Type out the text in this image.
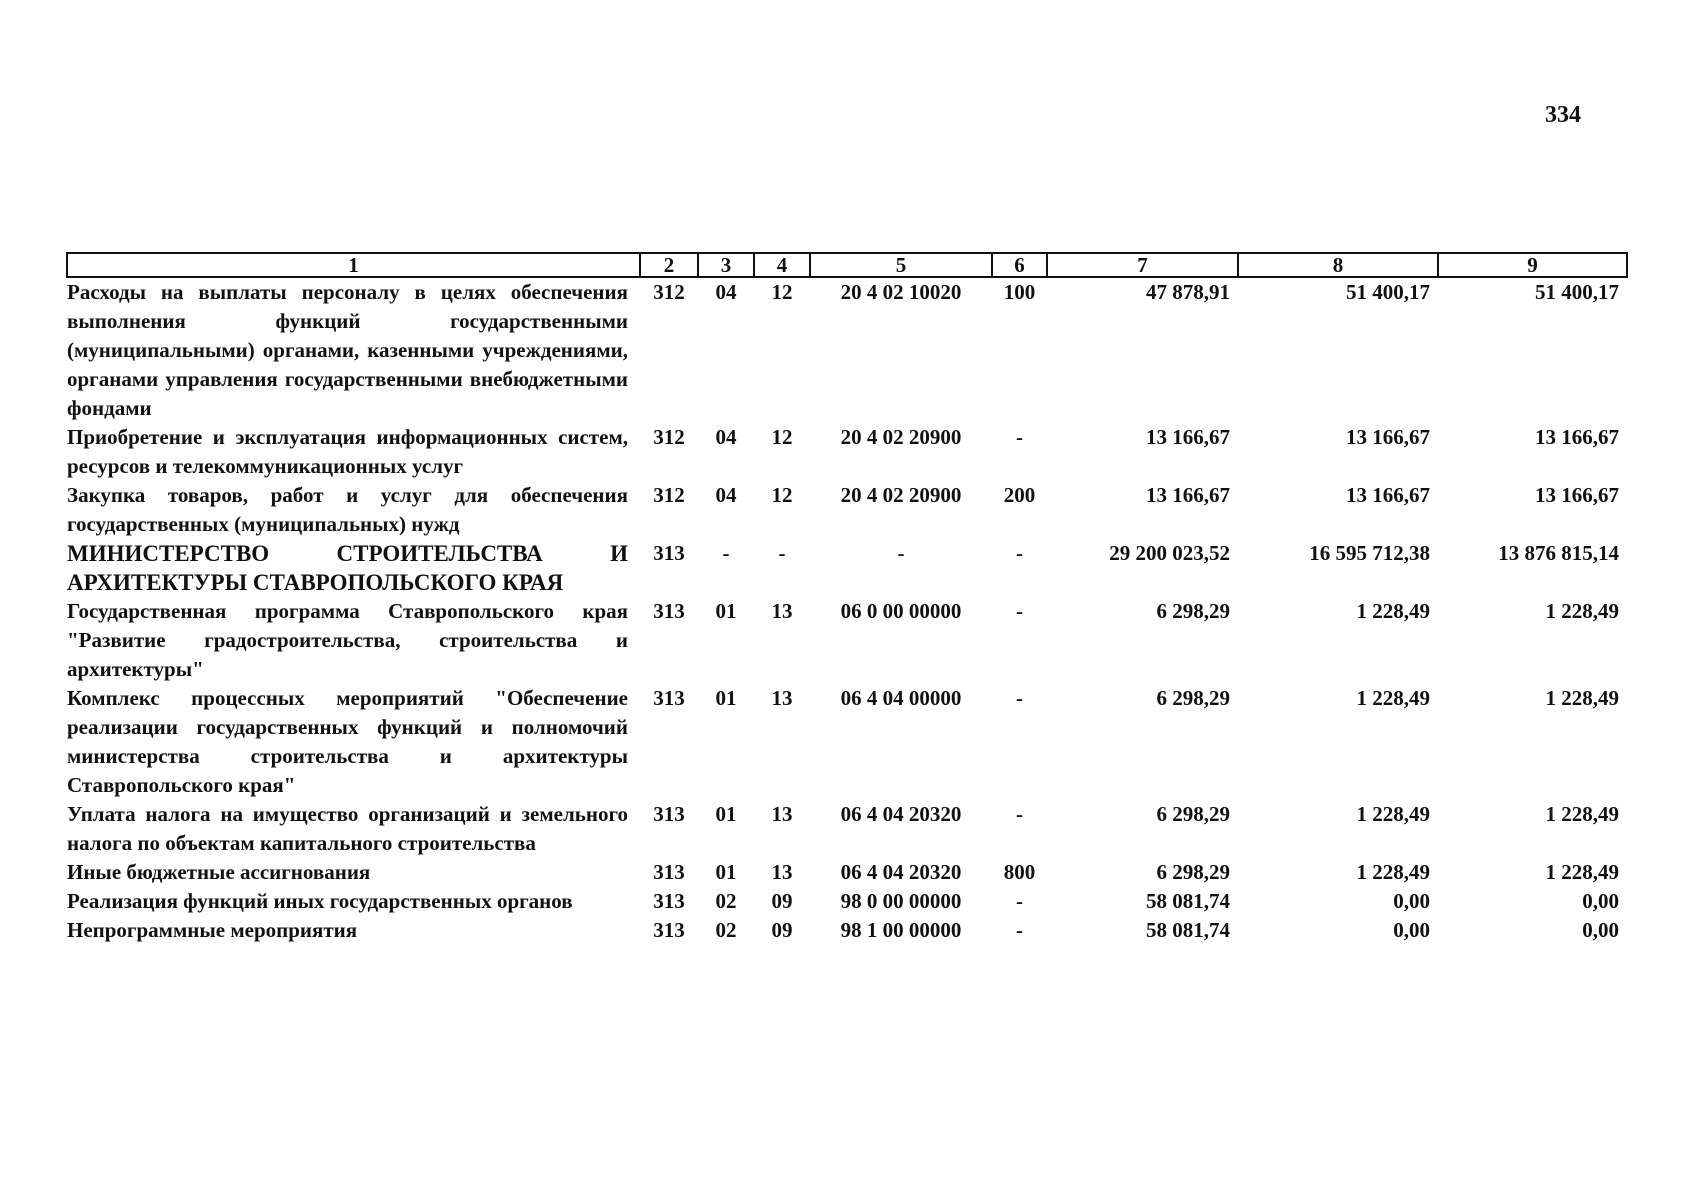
334
1	2	3	4	5	6	7	8	9
Расходы на выплаты персоналу в целях обеспечения выполнения функций государственными (муниципальными) органами, казенными учреждениями, органами управления государственными внебюджетными фондами	312	04	12	20 4 02 10020	100	47 878,91	51 400,17	51 400,17
Приобретение и эксплуатация информационных систем, ресурсов и телекоммуникационных услуг	312	04	12	20 4 02 20900	-	13 166,67	13 166,67	13 166,67
Закупка товаров, работ и услуг для обеспечения государственных (муниципальных) нужд	312	04	12	20 4 02 20900	200	13 166,67	13 166,67	13 166,67
МИНИСТЕРСТВО СТРОИТЕЛЬСТВА И АРХИТЕКТУРЫ СТАВРОПОЛЬСКОГО КРАЯ	313	-	-	-	-	29 200 023,52	16 595 712,38	13 876 815,14
Государственная программа Ставропольского края "Развитие градостроительства, строительства и архитектуры"	313	01	13	06 0 00 00000	-	6 298,29	1 228,49	1 228,49
Комплекс процессных мероприятий "Обеспечение реализации государственных функций и полномочий министерства строительства и архитектуры Ставропольского края"	313	01	13	06 4 04 00000	-	6 298,29	1 228,49	1 228,49
Уплата налога на имущество организаций и земельного налога по объектам капитального строительства	313	01	13	06 4 04 20320	-	6 298,29	1 228,49	1 228,49
Иные бюджетные ассигнования	313	01	13	06 4 04 20320	800	6 298,29	1 228,49	1 228,49
Реализация функций иных государственных органов	313	02	09	98 0 00 00000	-	58 081,74	0,00	0,00
Непрограммные мероприятия	313	02	09	98 1 00 00000	-	58 081,74	0,00	0,00
